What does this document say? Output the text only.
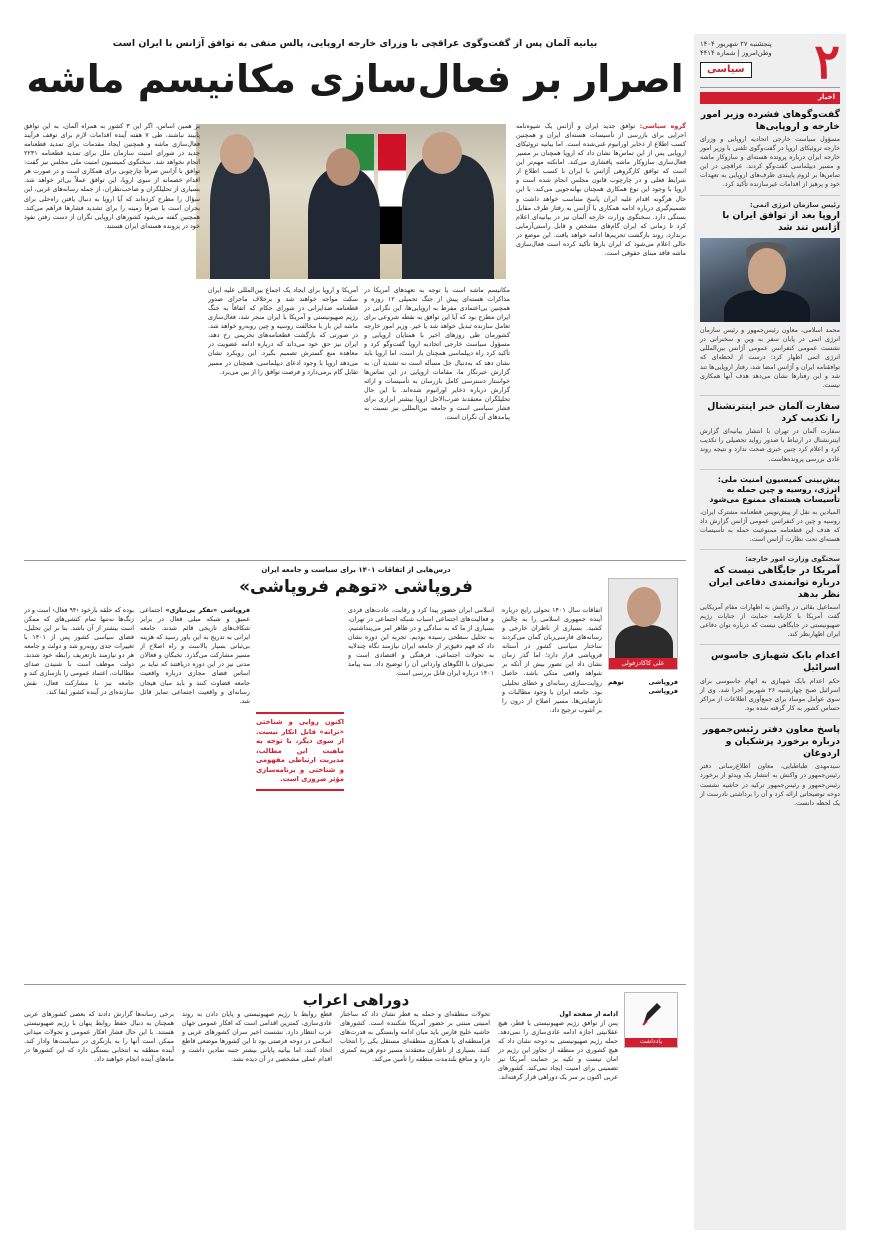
۲
پنجشنبه ۲۷ شهریور ۱۴۰۴
وطن‌امروز | شماره ۴۴۱۴
سیاسی
اخبار
گفت‌وگوهای فشرده وزیر امور خارجه و اروپایی‌ها
مسؤول سیاست خارجی اتحادیه اروپایی و وزرای خارجه تروئیکای اروپا در گفت‌وگوی تلفنی با وزیر امور خارجه ایران درباره پرونده هسته‌ای و سازوکار ماشه و مسیر دیپلماسی گفت‌وگو کردند. عراقچی در این تماس‌ها بر لزوم پایبندی طرف‌های اروپایی به تعهدات خود و پرهیز از اقدامات غیرسازنده تأکید کرد.
رئیس سازمان انرژی اتمی:
اروپا بعد از توافق ایران با آژانس تند شد
محمد اسلامی، معاون رئیس‌جمهور و رئیس سازمان انرژی اتمی در پایان سفر به وین و سخنرانی در نشست عمومی کنفرانس عمومی آژانس بین‌المللی انرژی اتمی اظهار کرد: درست از لحظه‌ای که توافقنامه ایران و آژانس امضا شد، رفتار اروپایی‌ها تند شد و این رفتارها نشان می‌دهد هدف آنها همکاری نیست.
سفارت آلمان خبر اینترنشنال را تکذیب کرد
سفارت آلمان در تهران با انتشار بیانیه‌ای گزارش اینترنشنال در ارتباط با صدور رواید تحصیلی را تکذیب کرد و اعلام کرد چنین خبری صحت ندارد و نتیجه روند عادی بررسی پرونده‌هاست.
پیش‌بینی کمیسیون امنیت ملی: انرژی، روسیه و چین حمله به تأسیسات هسته‌ای ممنوع می‌شود
المیادین به نقل از پیش‌نویس قطعنامه مشترک ایران، روسیه و چین در کنفرانس عمومی آژانس گزارش داد که هدف این قطعنامه ممنوعیت حمله به تأسیسات هسته‌ای تحت نظارت آژانس است.
سخنگوی وزارت امور خارجه:
آمریکا در جایگاهی نیست که درباره توانمندی دفاعی ایران نظر بدهد
اسماعیل بقائی در واکنش به اظهارات مقام آمریکایی گفت آمریکا با کارنامه حمایت از جنایات رژیم صهیونیستی در جایگاهی نیست که درباره توان دفاعی ایران اظهارنظر کند.
اعدام بابک شهبازی جاسوس اسرائیل
حکم اعدام بابک شهبازی به اتهام جاسوسی برای اسرائیل صبح چهارشنبه ۲۶ شهریور اجرا شد. وی از سوی عوامل موساد برای جمع‌آوری اطلاعات از مراکز حساس کشور به کار گرفته شده بود.
پاسخ معاون دفتر رئیس‌جمهور درباره برخورد پزشکیان و اردوغان
سید‌مهدی طباطبایی، معاون اطلاع‌رسانی دفتر رئیس‌جمهور در واکنش به انتشار یک ویدئو از برخورد رئیس‌جمهور و رئیس‌جمهور ترکیه در حاشیه نشست دوحه توضیحاتی ارائه کرد و آن را برداشتی نادرست از یک لحظه دانست.
بیانیه آلمان پس از گفت‌وگوی عراقچی با وزرای خارجه اروپایی، پالس منفی به توافق آژانس با ایران است
اصرار بر فعال‌سازی مکانیسم ماشه
گروه سیاسی: توافق جدید ایران و آژانس یک شیوه‌نامه اجرایی برای بازرسی از تأسیسات هسته‌ای ایران و همچنین کسب اطلاع از ذخایر اورانیوم غنی‌شده است. اما بیانیه تروئیکای اروپایی پس از این تماس‌ها نشان داد که اروپا همچنان بر مسیر فعال‌سازی سازوکار ماشه پافشاری می‌کند. امانکته مهم‌تر این است که توافق کارگروهی آژانس با ایران با کسب اطلاع از شرایط فعلی و در چارچوب قانون مجلس انجام شده است و اروپا با وجود این نوع همکاری همچنان بهانه‌جویی می‌کند. با این حال هرگونه اقدام علیه ایران پاسخ متناسب خواهد داشت و تصمیم‌گیری درباره ادامه همکاری با آژانس به رفتار طرف مقابل بستگی دارد. سخنگوی وزارت خارجه آلمان نیز در بیانیه‌ای اعلام کرد تا زمانی که ایران گام‌های مشخص و قابل راستی‌آزمایی برندارد، روند بازگشت تحریم‌ها ادامه خواهد یافت. این موضع در حالی اعلام می‌شود که ایران بارها تأکید کرده است فعال‌سازی ماشه فاقد مبنای حقوقی است.
مکانیسم ماشه است یا توجه به تعهدهای آمریکا در مذاکرات هسته‌ای پیش از جنگ تحمیلی ۱۲ روزه و همچنین بی‌اعتمادی مفرط به اروپایی‌ها، این نگرانی در ایران مطرح بود که آیا این توافق به نقطه شروعی برای تعامل سازنده تبدیل خواهد شد یا خیر. وزیر امور خارجه کشورمان طی روزهای اخیر با همتایان اروپایی و مسؤول سیاست خارجی اتحادیه اروپا گفت‌وگو کرد و تأکید کرد راه دیپلماسی همچنان باز است، اما اروپا باید نشان دهد که به‌دنبال حل مسأله است نه تشدید آن. به گزارش خبرنگار ما، مقامات اروپایی در این تماس‌ها خواستار دسترسی کامل بازرسان به تأسیسات و ارائه گزارش درباره ذخایر اورانیوم شده‌اند. با این حال تحلیلگران معتقدند ضرب‌الاجل اروپا بیشتر ابزاری برای فشار سیاسی است و جامعه بین‌المللی نیز نسبت به پیامدهای آن نگران است.
آمریکا و اروپا برای ایجاد یک اجماع بین‌المللی علیه ایران سکت مواجه خواهند شد و برخلاف ماجرای صدور قطعنامه ضدایرانی در شورای حکام که اتفاقاً به جنگ رژیم صهیونیستی و آمریکا با ایران منجر شد، فعال‌سازی ماشه این بار با مخالفت روسیه و چین روبه‌رو خواهد شد. در صورتی که بازگشت قطعنامه‌های تحریمی رخ دهد، ایران نیز حق خود می‌داند که درباره ادامه عضویت در معاهده منع گسترش تصمیم بگیرد. این رویکرد نشان می‌دهد اروپا با وجود ادعای دیپلماسی، همچنان در مسیر تقابل گام برمی‌دارد و فرصت توافق را از بین می‌برد.
بر همین اساس، اگر این ۳ کشور به همراه آلمان، به این توافق پایبند نباشند، طی ۷ هفته آینده اقدامات لازم برای توقف فرآیند فعال‌سازی ماشه و همچنین ایجاد مقدمات برای تمدید قطعنامه جدید در شورای امنیت سازمان ملل برای تمدید قطعنامه ۲۲۳۱ انجام نخواهد شد. سخنگوی کمیسیون امنیت ملی مجلس نیز گفت: توافق با آژانس صرفاً چارچوبی برای همکاری است و در صورت هر اقدام خصمانه از سوی اروپا، این توافق عملاً بی‌اثر خواهد شد. بسیاری از تحلیلگران و صاحب‌نظران، از جمله رسانه‌های غربی، این سؤال را مطرح کرده‌اند که آیا اروپا به دنبال یافتن راه‌حلی برای بحران است یا صرفاً زمینه را برای تشدید فشارها فراهم می‌کند. همچنین گفته می‌شود کشورهای اروپایی نگران از دست رفتن نفوذ خود در پرونده هسته‌ای ایران هستند.
درس‌هایی از اتفاقات ۱۴۰۱ برای سیاست و جامعه ایران
فروپاشی «توهم فروپاشی»
علی کاکادزفولی
اتفاقات سال ۱۴۰۱ تحولی رایج درباره آینده جمهوری اسلامی را به چالش کشید. بسیاری از ناظران خارجی و رسانه‌های فارسی‌زبان گمان می‌کردند ساختار سیاسی کشور در آستانه فروپاشی قرار دارد؛ اما گذر زمان نشان داد این تصور بیش از آنکه بر شواهد واقعی متکی باشد، حاصل روایت‌سازی رسانه‌ای و خطای تحلیلی بود. جامعه ایران با وجود مطالبات و نارضایتی‌ها، مسیر اصلاح از درون را بر آشوب ترجیح داد.
فروپاشی توهم فروپاشی
اسلامی ایران حضور پیدا کرد و رقابت، عادت‌های فردی و فعالیت‌های اجتماعی اسباب شبکه اجتماعی در تهران، بسیاری از ما که به سادگی و در ظاهر امر می‌پنداشتیم، به تحلیل سطحی رسیده بودیم. تجربه این دوره نشان داد که فهم دقیق‌تر از جامعه ایران نیازمند نگاه چندلایه به تحولات اجتماعی، فرهنگی و اقتصادی است و نمی‌توان با الگوهای وارداتی آن را توضیح داد. سه پیامد ۱۴۰۱ درباره ایران قابل بررسی است.
اکنون روایی و شناختی «ترانه» قابل انکار نیست. از سوی دیگر، با توجه به ماهیت این مطالب، مدیریت ارتباطی مفهومی و شناختی و برنامه‌سازی مؤثر ضروری است.
فروپاشی «تفکر بی‌نیازی» اجتماعی عمیق و شبکه میلی فعال در برابر شکاف‌های تاریخی قائم شدند. جامعه ایرانی به تدریج به این باور رسید که هزینه بی‌ثباتی بسیار بالاست و راه اصلاح از مسیر مشارکت می‌گذرد. نخبگان و فعالان مدنی نیز در این دوره دریافتند که نباید بر اساس فضای مجازی درباره واقعیت جامعه قضاوت کنند و باید میان هیجان رسانه‌ای و واقعیت اجتماعی تمایز قائل شد.
بوده که حلقه بارخود ‹۹۴ فعال› است و در زنگ‌ها نه‌تنها تمام کنشی‌های که ممکن است بیشتر از آن باشد. بنا بر این تحلیل، فضای سیاسی کشور پس از ۱۴۰۱ با تغییرات جدی روبه‌رو شد و دولت و جامعه هر دو نیازمند بازتعریف رابطه خود شدند. دولت موظف است با شنیدن صدای مطالبات، اعتماد عمومی را بازسازی کند و جامعه نیز با مشارکت فعال، نقش سازنده‌ای در آینده کشور ایفا کند.
دوراهی اعراب
یادداشت
ادامه از صفحه اول
پس از توافق رژیم صهیونیستی با قطر، هیچ عقلانیتی اجازه ادامه عادی‌سازی را نمی‌دهد. حمله رژیم صهیونیستی به دوحه نشان داد که هیچ کشوری در منطقه از تجاوز این رژیم در امان نیست و تکیه بر حمایت آمریکا نیز تضمینی برای امنیت ایجاد نمی‌کند. کشورهای عربی اکنون بر سر یک دوراهی قرار گرفته‌اند.
تحولات منطقه‌ای و حمله به قطر نشان داد که ساختار امنیتی مبتنی بر حضور آمریکا شکننده است. کشورهای حاشیه خلیج فارس باید میان ادامه وابستگی به قدرت‌های فرامنطقه‌ای یا همکاری منطقه‌ای مستقل یکی را انتخاب کنند. بسیاری از ناظران معتقدند مسیر دوم هزینه کمتری دارد و منافع بلندمدت منطقه را تأمین می‌کند.
قطع روابط با رژیم صهیونیستی و پایان دادن به روند عادی‌سازی، کمترین اقدامی است که افکار عمومی جهان عرب انتظار دارد. نشست اخیر سران کشورهای عربی و اسلامی در دوحه فرصتی بود تا این کشورها موضعی قاطع اتخاذ کنند، اما بیانیه پایانی بیشتر جنبه نمادین داشت و اقدام عملی مشخصی در آن دیده نشد.
برخی رسانه‌ها گزارش دادند که بعضی کشورهای عربی همچنان به دنبال حفظ روابط پنهان با رژیم صهیونیستی هستند. با این حال فشار افکار عمومی و تحولات میدانی ممکن است آنها را به بازنگری در سیاست‌ها وادار کند. آینده منطقه به انتخابی بستگی دارد که این کشورها در ماه‌های آینده انجام خواهند داد.
